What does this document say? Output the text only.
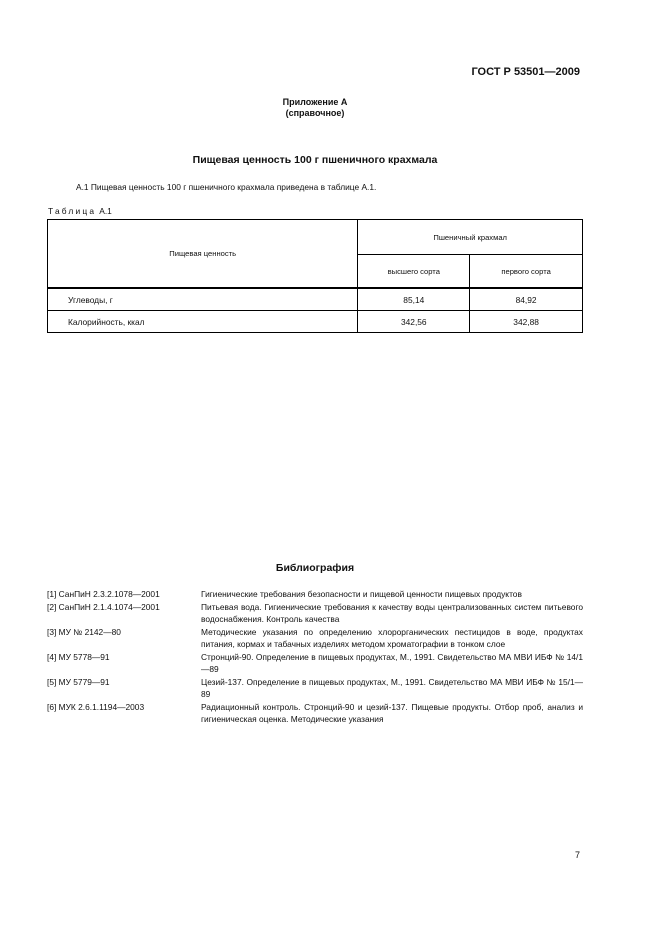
ГОСТ Р 53501—2009
Приложение А
(справочное)
Пищевая ценность 100 г пшеничного крахмала
А.1 Пищевая ценность 100 г пшеничного крахмала приведена в таблице А.1.
Таблица А.1
Пищевая ценность	Пшеничный крахмал	
	высшего сорта	первого сорта
Углеводы, г	85,14	84,92
Калорийность, ккал	342,56	342,88
Библиография
[1] СанПиН 2.3.2.1078—2001	Гигиенические требования безопасности и пищевой ценности пищевых продуктов
[2] СанПиН 2.1.4.1074—2001	Питьевая вода. Гигиенические требования к качеству воды централизованных систем питьевого водоснабжения. Контроль качества
[3] МУ № 2142—80	Методические указания по определению хлорорганических пестицидов в воде, продуктах питания, кормах и табачных изделиях методом хроматографии в тонком слое
[4] МУ 5778—91	Стронций-90. Определение в пищевых продуктах, М., 1991. Свидетельство МА МВИ ИБФ № 14/1—89
[5] МУ 5779—91	Цезий-137. Определение в пищевых продуктах, М., 1991. Свидетельство МА МВИ ИБФ № 15/1—89
[6] МУК 2.6.1.1194—2003	Радиационный контроль. Стронций-90 и цезий-137. Пищевые продукты. Отбор проб, анализ и гигиеническая оценка. Методические указания
7
